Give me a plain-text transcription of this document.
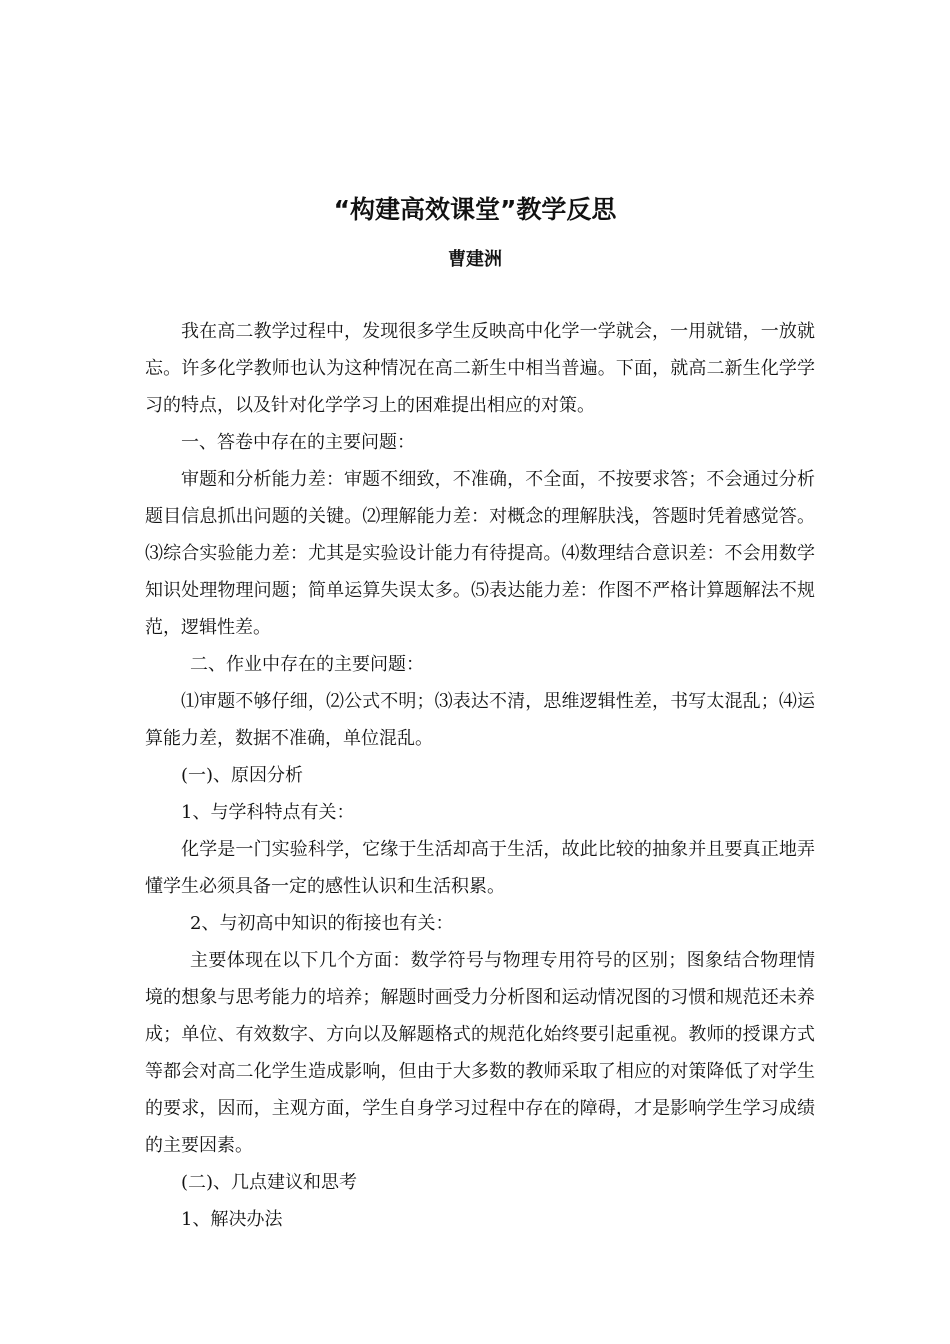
“构建高效课堂”教学反思
曹建洲

我在高二教学过程中，发现很多学生反映高中化学一学就会，一用就错，一放就忘。许多化学教师也认为这种情况在高二新生中相当普遍。下面，就高二新生化学学习的特点，以及针对化学学习上的困难提出相应的对策。

一、答卷中存在的主要问题：

审题和分析能力差：审题不细致，不准确，不全面，不按要求答；不会通过分析题目信息抓出问题的关键。⑵理解能力差：对概念的理解肤浅，答题时凭着感觉答。⑶综合实验能力差：尤其是实验设计能力有待提高。⑷数理结合意识差：不会用数学知识处理物理问题；简单运算失误太多。⑸表达能力差：作图不严格计算题解法不规范，逻辑性差。

二、作业中存在的主要问题：

⑴审题不够仔细，⑵公式不明；⑶表达不清，思维逻辑性差，书写太混乱；⑷运算能力差，数据不准确，单位混乱。

(一)、原因分析

1、与学科特点有关：

化学是一门实验科学，它缘于生活却高于生活，故此比较的抽象并且要真正地弄懂学生必须具备一定的感性认识和生活积累。

2、与初高中知识的衔接也有关：

主要体现在以下几个方面：数学符号与物理专用符号的区别；图象结合物理情境的想象与思考能力的培养；解题时画受力分析图和运动情况图的习惯和规范还未养成；单位、有效数字、方向以及解题格式的规范化始终要引起重视。教师的授课方式等都会对高二化学生造成影响，但由于大多数的教师采取了相应的对策降低了对学生的要求，因而，主观方面，学生自身学习过程中存在的障碍，才是影响学生学习成绩的主要因素。

(二)、几点建议和思考

1、解决办法
